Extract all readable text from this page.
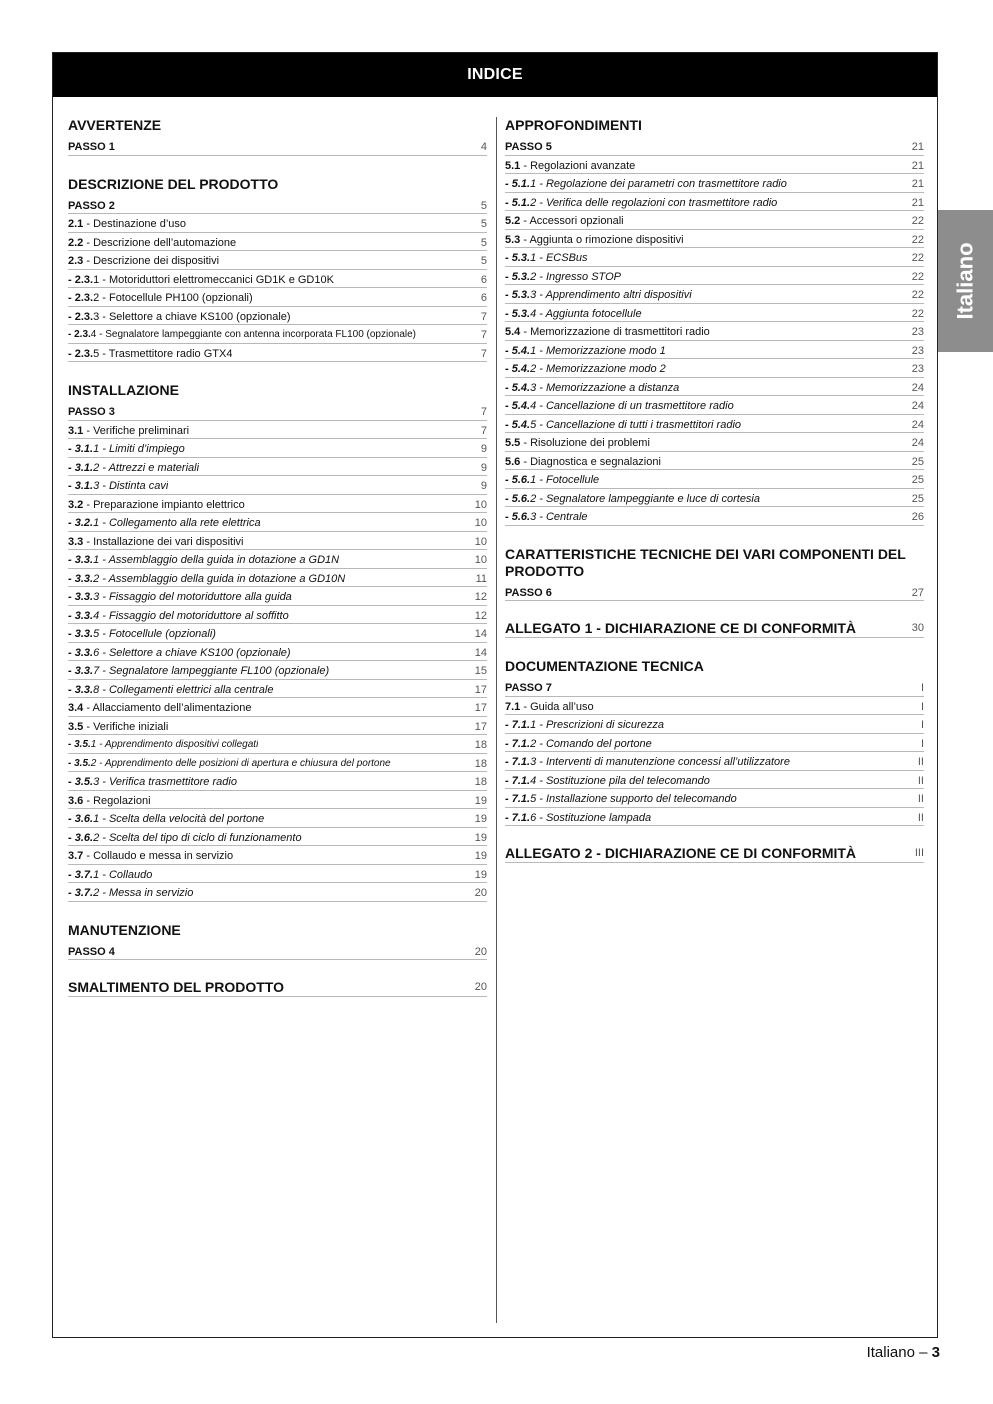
INDICE
AVVERTENZE
PASSO 1	4
DESCRIZIONE DEL PRODOTTO
PASSO 2	5
2.1 - Destinazione d’uso	5
2.2 - Descrizione dell’automazione	5
2.3 - Descrizione dei dispositivi	5
- 2.3.1 - Motoriduttori elettromeccanici GD1K e GD10K	6
- 2.3.2 - Fotocellule PH100 (opzionali)	6
- 2.3.3 - Selettore a chiave KS100 (opzionale)	7
- 2.3.4 - Segnalatore lampeggiante con antenna incorporata FL100 (opzionale)	7
- 2.3.5 - Trasmettitore radio GTX4	7
INSTALLAZIONE
PASSO 3	7
3.1 - Verifiche preliminari	7
- 3.1.1 - Limiti d’impiego	9
- 3.1.2 - Attrezzi e materiali	9
- 3.1.3 - Distinta cavi	9
3.2 - Preparazione impianto elettrico	10
- 3.2.1 - Collegamento alla rete elettrica	10
3.3 - Installazione dei vari dispositivi	10
- 3.3.1 - Assemblaggio della guida in dotazione a GD1N	10
- 3.3.2 - Assemblaggio della guida in dotazione a GD10N	11
- 3.3.3 - Fissaggio del motoriduttore alla guida	12
- 3.3.4 - Fissaggio del motoriduttore al soffitto	12
- 3.3.5 - Fotocellule (opzionali)	14
- 3.3.6 - Selettore a chiave KS100 (opzionale)	14
- 3.3.7 - Segnalatore lampeggiante FL100 (opzionale)	15
- 3.3.8 - Collegamenti elettrici alla centrale	17
3.4 - Allacciamento dell’alimentazione	17
3.5 - Verifiche iniziali	17
- 3.5.1 - Apprendimento dispositivi collegati	18
- 3.5.2 - Apprendimento delle posizioni di apertura e chiusura del portone	18
- 3.5.3 - Verifica trasmettitore radio	18
3.6 - Regolazioni	19
- 3.6.1 - Scelta della velocità del portone	19
- 3.6.2 - Scelta del tipo di ciclo di funzionamento	19
3.7 - Collaudo e messa in servizio	19
- 3.7.1 - Collaudo	19
- 3.7.2 - Messa in servizio	20
MANUTENZIONE
PASSO 4	20
SMALTIMENTO DEL PRODOTTO	20
APPROFONDIMENTI
PASSO 5	21
5.1 - Regolazioni avanzate	21
- 5.1.1 - Regolazione dei parametri con trasmettitore radio	21
- 5.1.2 - Verifica delle regolazioni con trasmettitore radio	21
5.2 - Accessori opzionali	22
5.3 - Aggiunta o rimozione dispositivi	22
- 5.3.1 - ECSBus	22
- 5.3.2 - Ingresso STOP	22
- 5.3.3 - Apprendimento altri dispositivi	22
- 5.3.4 - Aggiunta fotocellule	22
5.4 - Memorizzazione di trasmettitori radio	23
- 5.4.1 - Memorizzazione modo 1	23
- 5.4.2 - Memorizzazione modo 2	23
- 5.4.3 - Memorizzazione a distanza	24
- 5.4.4 - Cancellazione di un trasmettitore radio	24
- 5.4.5 - Cancellazione di tutti i trasmettitori radio	24
5.5 - Risoluzione dei problemi	24
5.6 - Diagnostica e segnalazioni	25
- 5.6.1 - Fotocellule	25
- 5.6.2 - Segnalatore lampeggiante e luce di cortesia	25
- 5.6.3 - Centrale	26
CARATTERISTICHE TECNICHE DEI VARI COMPONENTI DEL PRODOTTO
PASSO 6	27
ALLEGATO 1 - DICHIARAZIONE CE DI CONFORMITÀ	30
DOCUMENTAZIONE TECNICA
PASSO 7	I
7.1 - Guida all’uso	I
- 7.1.1 - Prescrizioni di sicurezza	I
- 7.1.2 - Comando del portone	I
- 7.1.3 - Interventi di manutenzione concessi all’utilizzatore	II
- 7.1.4 - Sostituzione pila del telecomando	II
- 7.1.5 - Installazione supporto del telecomando	II
- 7.1.6 - Sostituzione lampada	II
ALLEGATO 2 - DICHIARAZIONE CE DI CONFORMITÀ	III
Italiano
Italiano – 3
